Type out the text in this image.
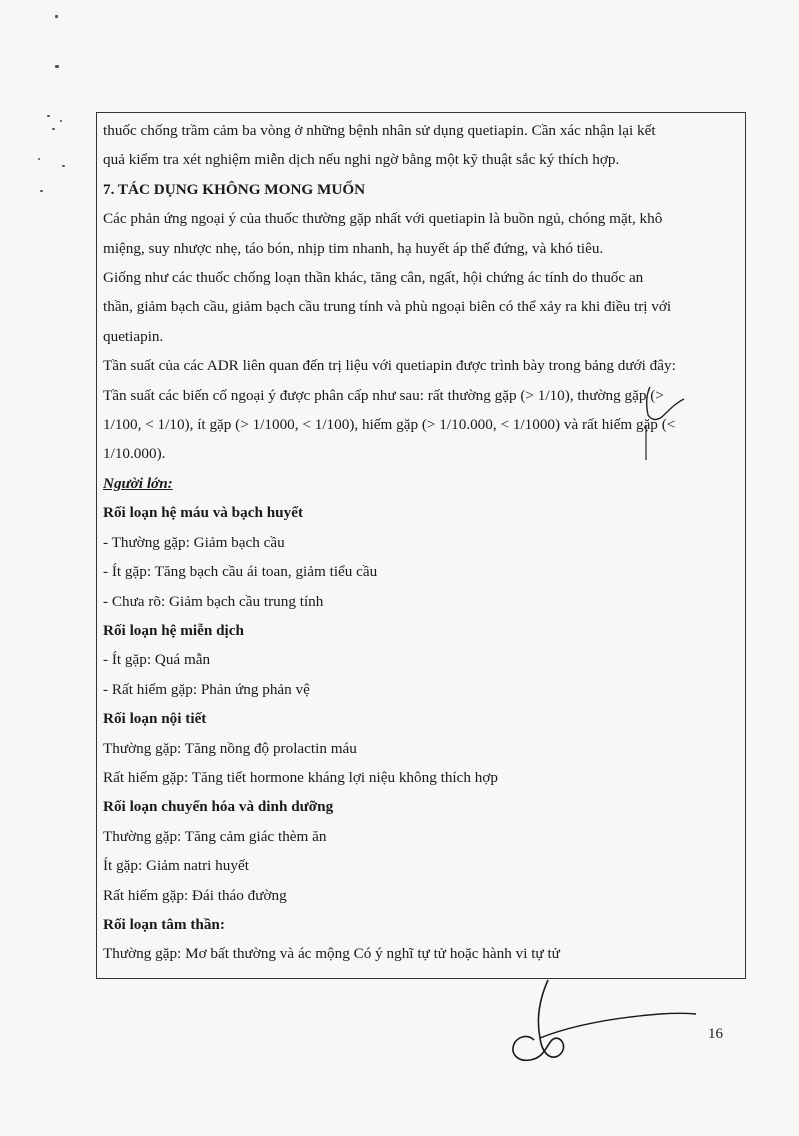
thuốc chống trầm cảm ba vòng ở những bệnh nhân sử dụng quetiapin. Cần xác nhận lại kết

quả kiểm tra xét nghiệm miễn dịch nếu nghi ngờ bằng một kỹ thuật sắc ký thích hợp.

7. TÁC DỤNG KHÔNG MONG MUỐN

Các phản ứng ngoại ý của thuốc thường gặp nhất với quetiapin là buồn ngủ, chóng mặt, khô

miệng, suy nhược nhẹ, táo bón, nhịp tim nhanh, hạ huyết áp thế đứng, và khó tiêu.

Giống như các thuốc chống loạn thần khác, tăng cân, ngất, hội chứng ác tính do thuốc an

thần, giảm bạch cầu, giảm bạch cầu trung tính và phù ngoại biên có thể xảy ra khi điều trị với

quetiapin.

Tần suất của các ADR liên quan đến trị liệu với quetiapin được trình bày trong bảng dưới đây:

Tần suất các biến cố ngoại ý được phân cấp như sau: rất thường gặp (> 1/10), thường gặp (>

1/100, < 1/10), ít gặp (> 1/1000, < 1/100), hiếm gặp (> 1/10.000, < 1/1000) và rất hiếm gặp (<

1/10.000).

Người lớn:

Rối loạn hệ máu và bạch huyết

- Thường gặp: Giảm bạch cầu

- Ít gặp: Tăng bạch cầu ái toan, giảm tiểu cầu

- Chưa rõ: Giảm bạch cầu trung tính

Rối loạn hệ miễn dịch

- Ít gặp: Quá mẫn

- Rất hiếm gặp: Phản ứng phản vệ

Rối loạn nội tiết

Thường gặp: Tăng nồng độ prolactin máu

Rất hiếm gặp: Tăng tiết hormone kháng lợi niệu không thích hợp

Rối loạn chuyển hóa và dinh dưỡng

Thường gặp: Tăng cảm giác thèm ăn

Ít gặp: Giảm natri huyết

Rất hiếm gặp: Đái tháo đường

Rối loạn tâm thần:

Thường gặp: Mơ bất thường và ác mộng Có ý nghĩ tự tử hoặc hành vi tự tử

16
